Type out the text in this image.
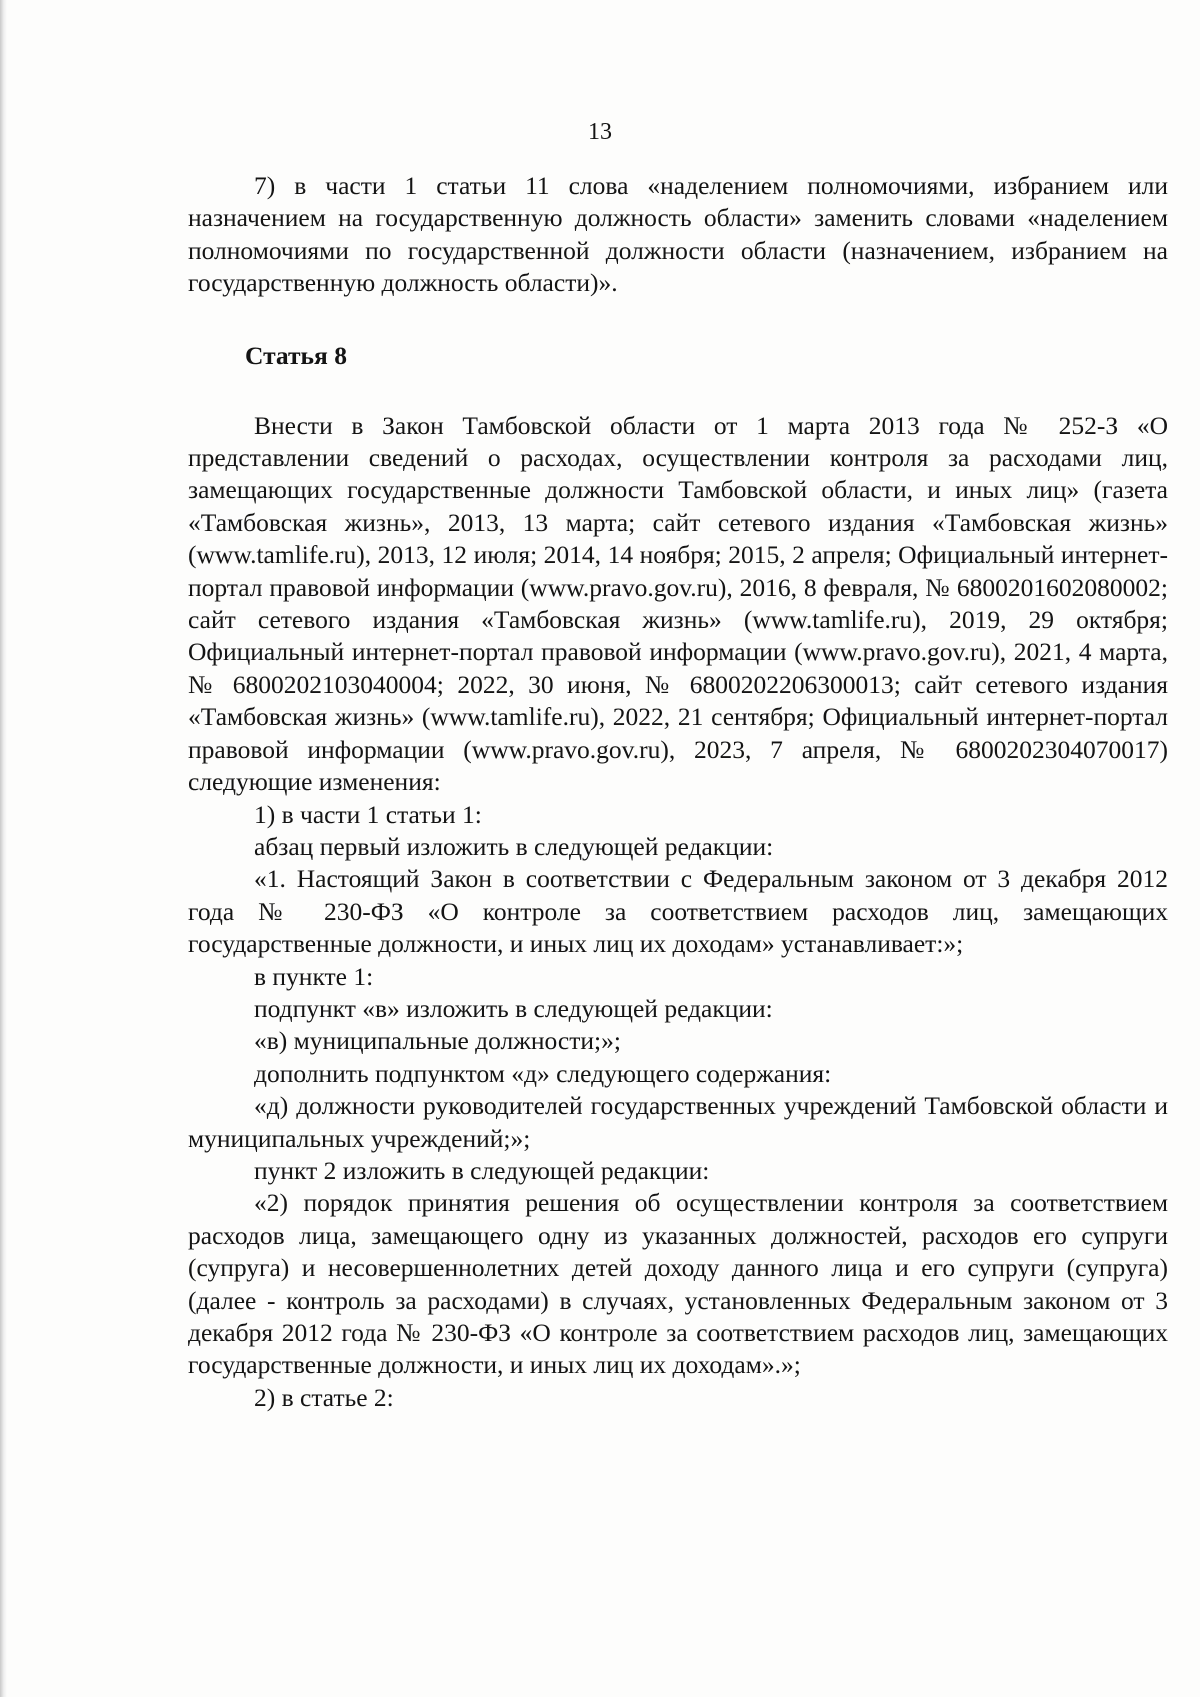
13

7) в части 1 статьи 11 слова «наделением полномочиями, избранием или назначением на государственную должность области» заменить словами «наделением полномочиями по государственной должности области (назначением, избранием на государственную должность области)».

Статья 8

Внести в Закон Тамбовской области от 1 марта 2013 года № 252-З «О представлении сведений о расходах, осуществлении контроля за расходами лиц, замещающих государственные должности Тамбовской области, и иных лиц» (газета «Тамбовская жизнь», 2013, 13 марта; сайт сетевого издания «Тамбовская жизнь» (www.tamlife.ru), 2013, 12 июля; 2014, 14 ноября; 2015, 2 апреля; Официальный интернет-портал правовой информации (www.pravo.gov.ru), 2016, 8 февраля, № 6800201602080002; сайт сетевого издания «Тамбовская жизнь» (www.tamlife.ru), 2019, 29 октября; Официальный интернет-портал правовой информации (www.pravo.gov.ru), 2021, 4 марта, № 6800202103040004; 2022, 30 июня, № 6800202206300013; сайт сетевого издания «Тамбовская жизнь» (www.tamlife.ru), 2022, 21 сентября; Официальный интернет-портал правовой информации (www.pravo.gov.ru), 2023, 7 апреля, № 6800202304070017) следующие изменения:

1) в части 1 статьи 1:

абзац первый изложить в следующей редакции:

«1. Настоящий Закон в соответствии с Федеральным законом от 3 декабря 2012 года № 230-ФЗ «О контроле за соответствием расходов лиц, замещающих государственные должности, и иных лиц их доходам» устанавливает:»;

в пункте 1:

подпункт «в» изложить в следующей редакции:

«в) муниципальные должности;»;

дополнить подпунктом «д» следующего содержания:

«д) должности руководителей государственных учреждений Тамбовской области и муниципальных учреждений;»;

пункт 2 изложить в следующей редакции:

«2) порядок принятия решения об осуществлении контроля за соответствием расходов лица, замещающего одну из указанных должностей, расходов его супруги (супруга) и несовершеннолетних детей доходу данного лица и его супруги (супруга) (далее - контроль за расходами) в случаях, установленных Федеральным законом от 3 декабря 2012 года № 230-ФЗ «О контроле за соответствием расходов лиц, замещающих государственные должности, и иных лиц их доходам».»;

2) в статье 2:
